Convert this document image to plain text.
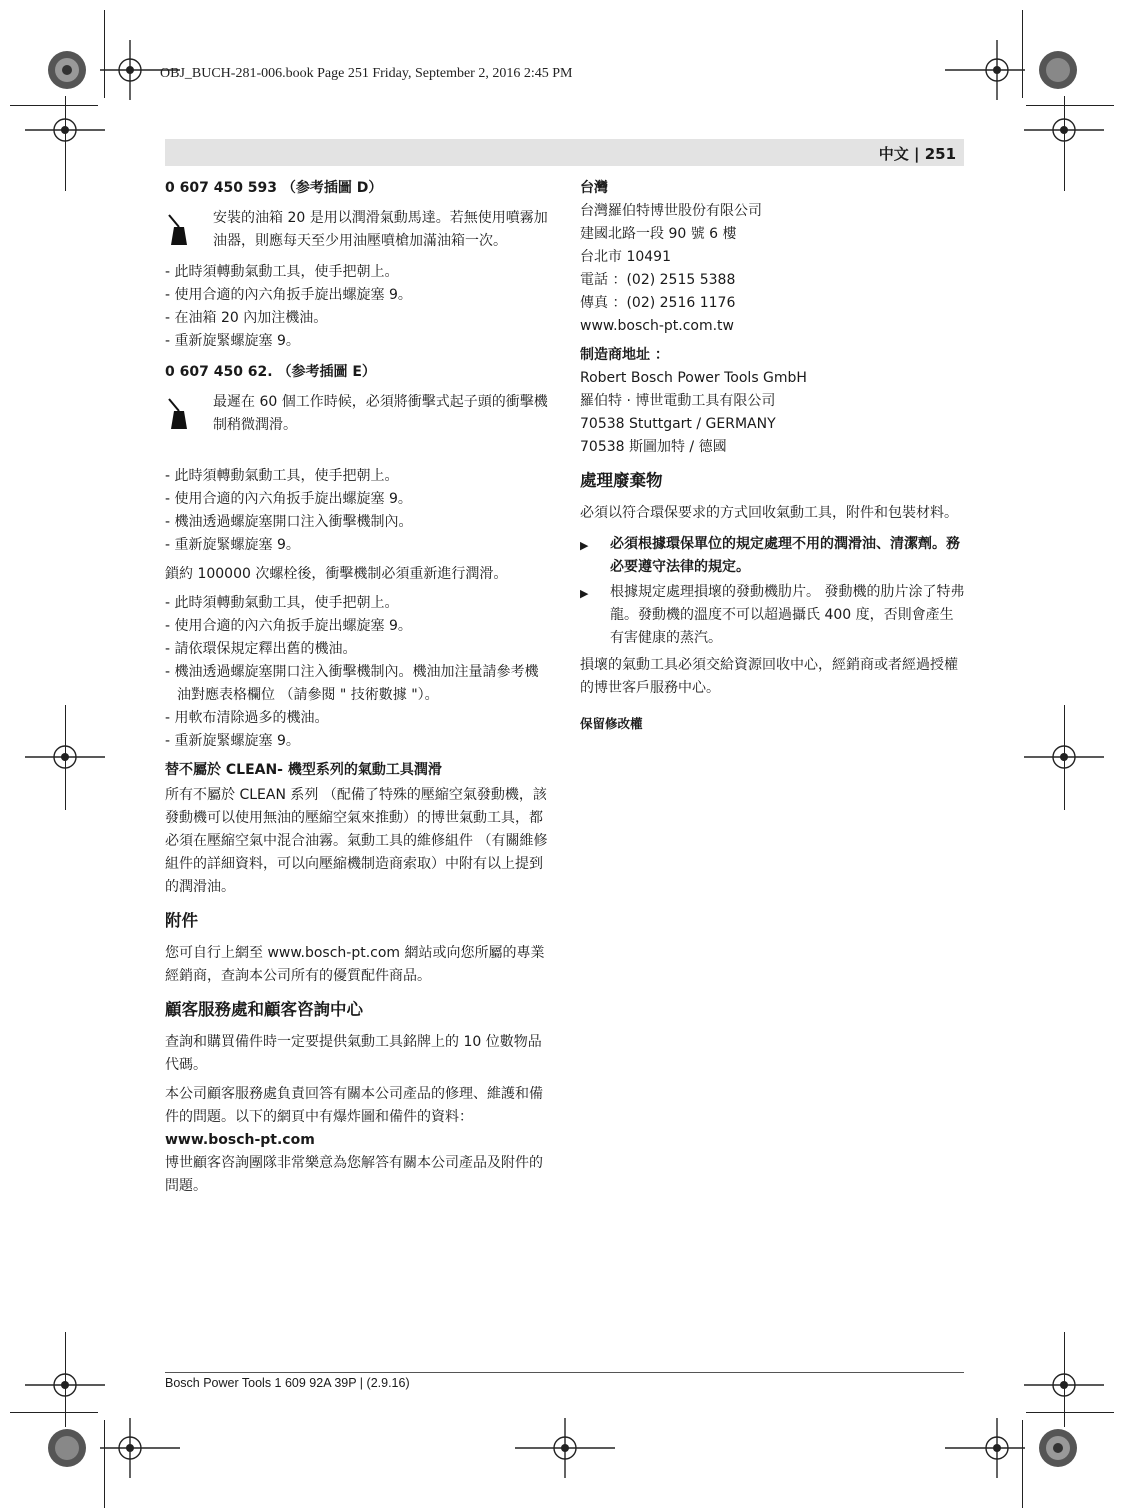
OBJ_BUCH-281-006.book Page 251 Friday, September 2, 2016 2:45 PM
中文 | 251

0 607 450 593 （参考插圖 D）

安裝的油箱 20 是用以潤滑氣動馬達。若無使用噴霧加油器，則應每天至少用油壓噴槍加滿油箱一次。
- 此時須轉動氣動工具，使手把朝上。
- 使用合適的內六角扳手旋出螺旋塞 9。
- 在油箱 20 內加注機油。
- 重新旋緊螺旋塞 9。

0 607 450 62. （参考插圖 E）

最遲在 60 個工作時候，必須將衝擊式起子頭的衝擊機制稍微潤滑。
- 此時須轉動氣動工具，使手把朝上。
- 使用合適的內六角扳手旋出螺旋塞 9。
- 機油透過螺旋塞開口注入衝擊機制內。
- 重新旋緊螺旋塞 9。

鎖約 100000 次螺栓後，衝擊機制必須重新進行潤滑。

- 此時須轉動氣動工具，使手把朝上。
- 使用合適的內六角扳手旋出螺旋塞 9。
- 請依環保規定釋出舊的機油。
- 機油透過螺旋塞開口注入衝擊機制內。機油加注量請參考機油對應表格欄位 （請參閱 " 技術數據 "）。
- 用軟布清除過多的機油。
- 重新旋緊螺旋塞 9。
替不屬於 CLEAN- 機型系列的氣動工具潤滑

所有不屬於 CLEAN 系列 （配備了特殊的壓縮空氣發動機，該發動機可以使用無油的壓縮空氣來推動）的博世氣動工具，都必須在壓縮空氣中混合油霧。氣動工具的維修組件 （有關維修組件的詳細資料，可以向壓縮機制造商索取）中附有以上提到的潤滑油。

附件

您可自行上網至 www.bosch-pt.com 網站或向您所屬的專業經銷商，查詢本公司所有的優質配件商品。

顧客服務處和顧客咨詢中心

查詢和購買備件時一定要提供氣動工具銘牌上的 10 位數物品代碼。

本公司顧客服務處負責回答有關本公司產品的修理、維護和備件的問題。以下的網頁中有爆炸圖和備件的資料：

www.bosch-pt.com

博世顧客咨詢團隊非常樂意為您解答有關本公司產品及附件的問題。

台灣

台灣羅伯特博世股份有限公司

建國北路一段 90 號 6 樓

台北市 10491

電話 ：(02) 2515 5388

傳真 ：(02) 2516 1176

www.bosch-pt.com.tw

制造商地址 ：

Robert Bosch Power Tools GmbH

羅伯特 · 博世電動工具有限公司

70538 Stuttgart / GERMANY

70538 斯圖加特 / 德國

處理廢棄物

必須以符合環保要求的方式回收氣動工具，附件和包裝材料。

▶	必須根據環保單位的規定處理不用的潤滑油、清潔劑。務必要遵守法律的規定。
▶	根據規定處理損壞的發動機肋片。 發動機的肋片涂了特弗龍。發動機的溫度不可以超過攝氏 400 度，否則會產生有害健康的蒸汽。

損壞的氣動工具必須交給資源回收中心，經銷商或者經過授權的博世客戶服務中心。

保留修改權

Bosch Power Tools 1 609 92A 39P | (2.9.16)
